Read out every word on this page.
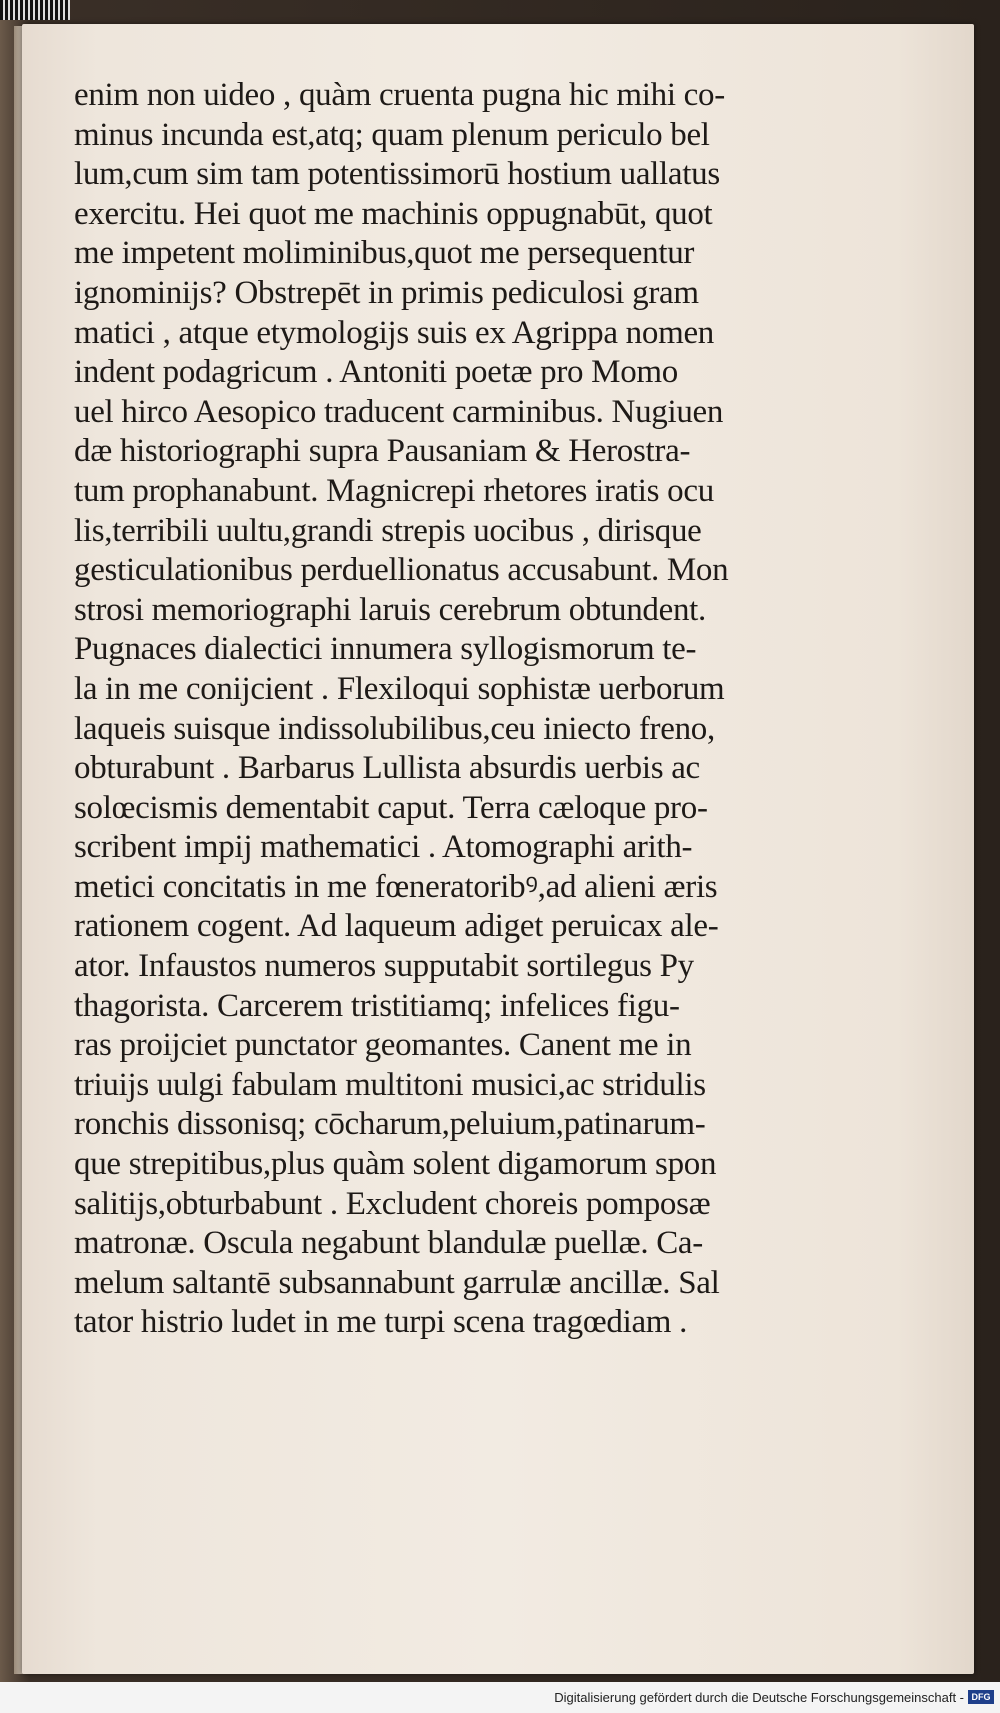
enim non uideo , quàm cruenta pugna hic mihi co-
minus incunda est,atq; quam plenum periculo bel
lum,cum sim tam potentissimorū hostium uallatus
exercitu. Hei quot me machinis oppugnabūt, quot
me impetent moliminibus,quot me persequentur
ignominijs? Obstrepēt in primis pediculosi gram
matici , atque etymologijs suis ex Agrippa nomen
indent podagricum . Antoniti poetæ pro Momo
uel hirco Aesopico traducent carminibus. Nugiuen
dæ historiographi supra Pausaniam & Herostra-
tum prophanabunt. Magnicrepi rhetores iratis ocu
lis,terribili uultu,grandi strepis uocibus , dirisque
gesticulationibus perduellionatus accusabunt. Mon
strosi memoriographi laruis cerebrum obtundent.
Pugnaces dialectici innumera syllogismorum te-
la in me conijcient . Flexiloqui sophistæ uerborum
laqueis suisque indissolubilibus,ceu iniecto freno,
obturabunt . Barbarus Lullista absurdis uerbis ac
solœcismis dementabit caput. Terra cæloque pro-
scribent impij mathematici . Atomographi arith-
metici concitatis in me fœneratoribꝰ,ad alieni æris
rationem cogent. Ad laqueum adiget peruicax ale-
ator. Infaustos numeros supputabit sortilegus Py
thagorista. Carcerem tristitiamq; infelices figu-
ras proijciet punctator geomantes. Canent me in
triuijs uulgi fabulam multitoni musici,ac stridulis
ronchis dissonisq; cōcharum,peluium,patinarum-
que strepitibus,plus quàm solent digamorum spon
salitijs,obturbabunt . Excludent choreis pomposæ
matronæ. Oscula negabunt blandulæ puellæ. Ca-
melum saltantē subsannabunt garrulæ ancillæ. Sal
tator histrio ludet in me turpi scena tragœdiam .
Digitalisierung gefördert durch die Deutsche Forschungsgemeinschaft - DFG
